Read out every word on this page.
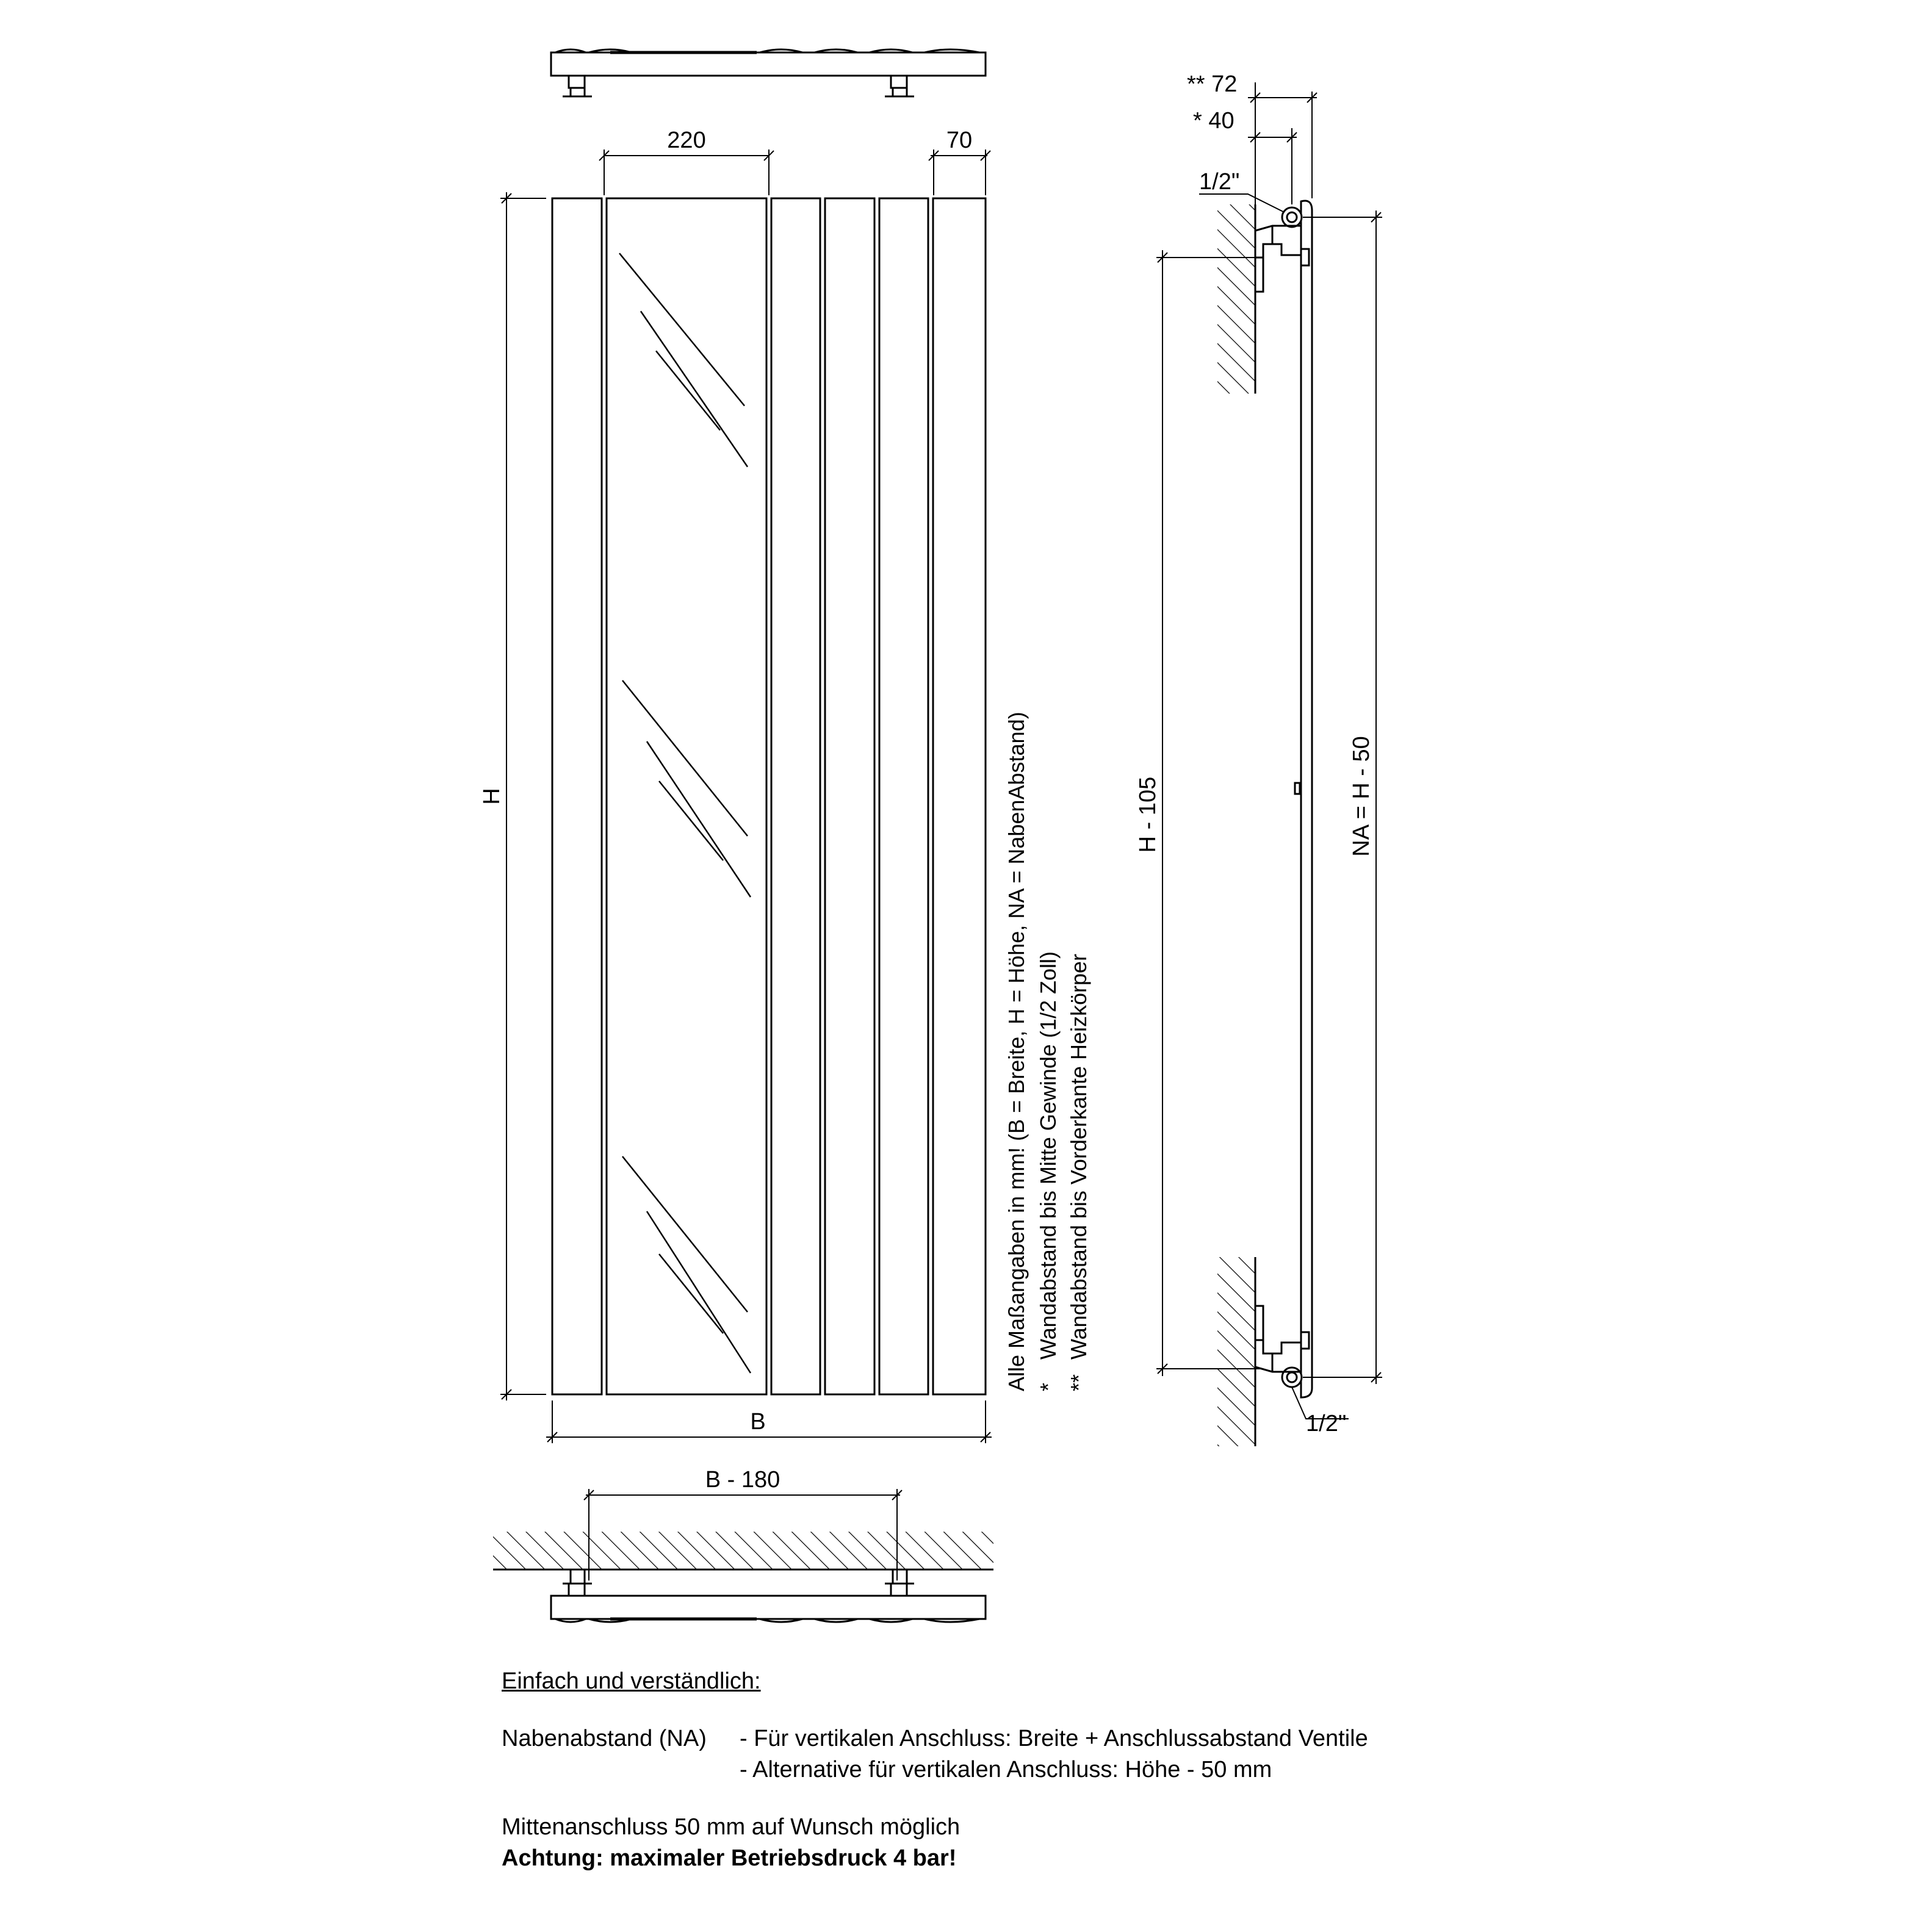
220	70
H
B
Alle Maßangaben in mm! (B = Breite, H = Höhe, NA = NabenAbstand) *
Wandabstand bis Mitte Gewinde (1/2 Zoll)
**
Wandabstand bis Vorderkante Heizkörper
B - 180
** 72
* 40
1/2"
1/2"
H - 105	NA = H - 50
Einfach und verständlich:
Nabenabstand (NA)	- Für vertikalen Anschluss: Breite + Anschlussabstand Ventile
- Alternative für vertikalen Anschluss: Höhe - 50 mm
Mittenanschluss 50 mm auf Wunsch möglich
Achtung: maximaler Betriebsdruck 4 bar!
